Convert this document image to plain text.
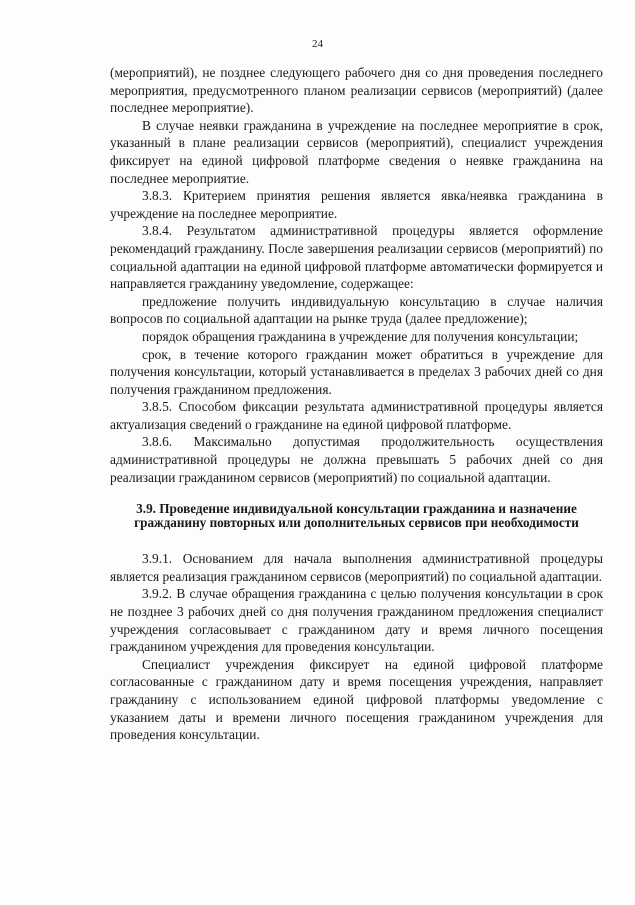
24

(мероприятий), не позднее следующего рабочего дня со дня проведения последнего мероприятия, предусмотренного планом реализации сервисов (мероприятий) (далее последнее мероприятие).

В случае неявки гражданина в учреждение на последнее мероприятие в срок, указанный в плане реализации сервисов (мероприятий), специалист учреждения фиксирует на единой цифровой платформе сведения о неявке гражданина на последнее мероприятие.

3.8.3. Критерием принятия решения является явка/неявка гражданина в учреждение на последнее мероприятие.

3.8.4. Результатом административной процедуры является оформление рекомендаций гражданину. После завершения реализации сервисов (мероприятий) по социальной адаптации на единой цифровой платформе автоматически формируется и направляется гражданину уведомление, содержащее:

предложение получить индивидуальную консультацию в случае наличия вопросов по социальной адаптации на рынке труда (далее предложение);

порядок обращения гражданина в учреждение для получения консультации;

срок, в течение которого гражданин может обратиться в учреждение для получения консультации, который устанавливается в пределах 3 рабочих дней со дня получения гражданином предложения.

3.8.5. Способом фиксации результата административной процедуры является актуализация сведений о гражданине на единой цифровой платформе.

3.8.6. Максимально допустимая продолжительность осуществления административной процедуры не должна превышать 5 рабочих дней со дня реализации гражданином сервисов (мероприятий) по социальной адаптации.

3.9. Проведение индивидуальной консультации гражданина и назначение гражданину повторных или дополнительных сервисов при необходимости

3.9.1. Основанием для начала выполнения административной процедуры является реализация гражданином сервисов (мероприятий) по социальной адаптации.

3.9.2. В случае обращения гражданина с целью получения консультации в срок не позднее 3 рабочих дней со дня получения гражданином предложения специалист учреждения согласовывает с гражданином дату и время личного посещения гражданином учреждения для проведения консультации.

Специалист учреждения фиксирует на единой цифровой платформе согласованные с гражданином дату и время посещения учреждения, направляет гражданину с использованием единой цифровой платформы уведомление с указанием даты и времени личного посещения гражданином учреждения для проведения консультации.
